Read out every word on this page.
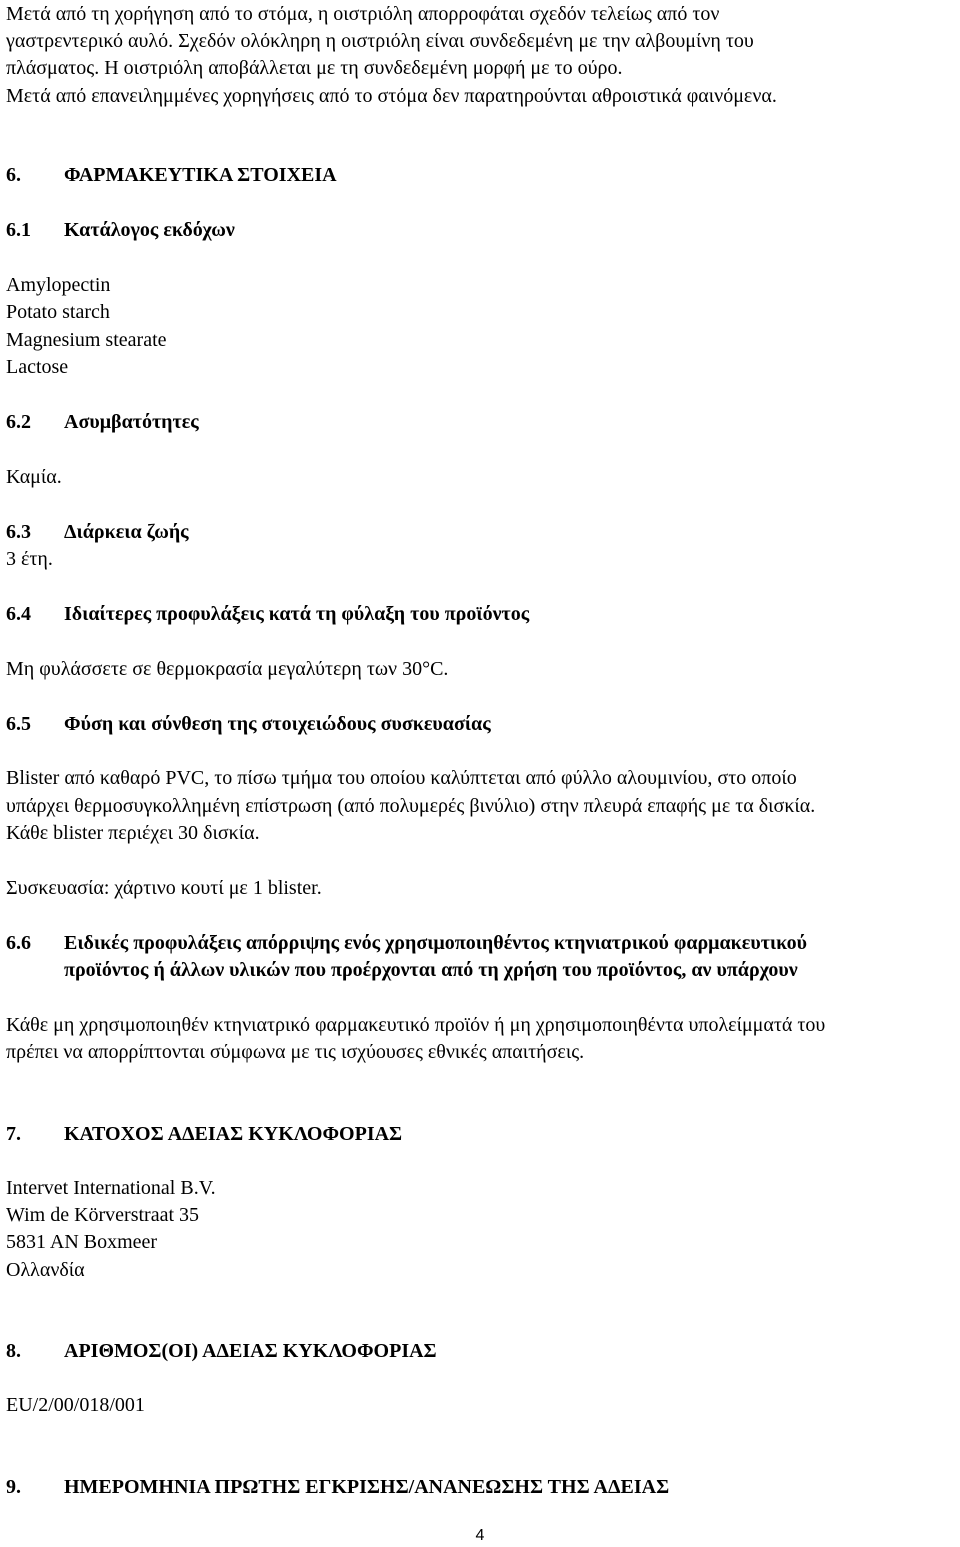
Μετά από τη χορήγηση από το στόμα, η οιστριόλη απορροφάται σχεδόν τελείως από τον
γαστρεντερικό αυλό. Σχεδόν ολόκληρη η οιστριόλη είναι συνδεδεμένη με την αλβουμίνη του
πλάσματος. Η οιστριόλη αποβάλλεται με τη συνδεδεμένη μορφή με το ούρο.
Μετά από επανειλημμένες χορηγήσεις από το στόμα δεν παρατηρούνται αθροιστικά φαινόμενα.
6. ΦΑΡΜΑΚΕΥΤΙΚΑ ΣΤΟΙΧΕΙΑ
6.1 Κατάλογος εκδόχων
Amylopectin
Potato starch
Magnesium stearate
Lactose
6.2 Ασυμβατότητες
Καμία.
6.3 Διάρκεια ζωής
3 έτη.
6.4 Ιδιαίτερες προφυλάξεις κατά τη φύλαξη του προϊόντος
Μη φυλάσσετε σε θερμοκρασία μεγαλύτερη των 30°C.
6.5 Φύση και σύνθεση της στοιχειώδους συσκευασίας
Blister από καθαρό PVC, το πίσω τμήμα του οποίου καλύπτεται από φύλλο αλουμινίου, στο οποίο
υπάρχει θερμοσυγκολλημένη επίστρωση (από πολυμερές βινύλιο) στην πλευρά επαφής με τα δισκία.
Κάθε blister περιέχει 30 δισκία.
Συσκευασία: χάρτινο κουτί με 1 blister.
6.6 Ειδικές προφυλάξεις απόρριψης ενός χρησιμοποιηθέντος κτηνιατρικού φαρμακευτικού
προϊόντος ή άλλων υλικών που προέρχονται από τη χρήση του προϊόντος, αν υπάρχουν
Κάθε μη χρησιμοποιηθέν κτηνιατρικό φαρμακευτικό προϊόν ή μη χρησιμοποιηθέντα υπολείμματά του
πρέπει να απορρίπτονται σύμφωνα με τις ισχύουσες εθνικές απαιτήσεις.
7. ΚΑΤΟΧΟΣ ΑΔΕΙΑΣ ΚΥΚΛΟΦΟΡΙΑΣ
Intervet International B.V.
Wim de Körverstraat 35
5831 AN Boxmeer
Ολλανδία
8. ΑΡΙΘΜΟΣ(ΟΙ) ΑΔΕΙΑΣ ΚΥΚΛΟΦΟΡΙΑΣ
EU/2/00/018/001
9. ΗΜΕΡΟΜΗΝΙΑ ΠΡΩΤΗΣ ΕΓΚΡΙΣΗΣ/ΑΝΑΝΕΩΣΗΣ ΤΗΣ ΑΔΕΙΑΣ
4
